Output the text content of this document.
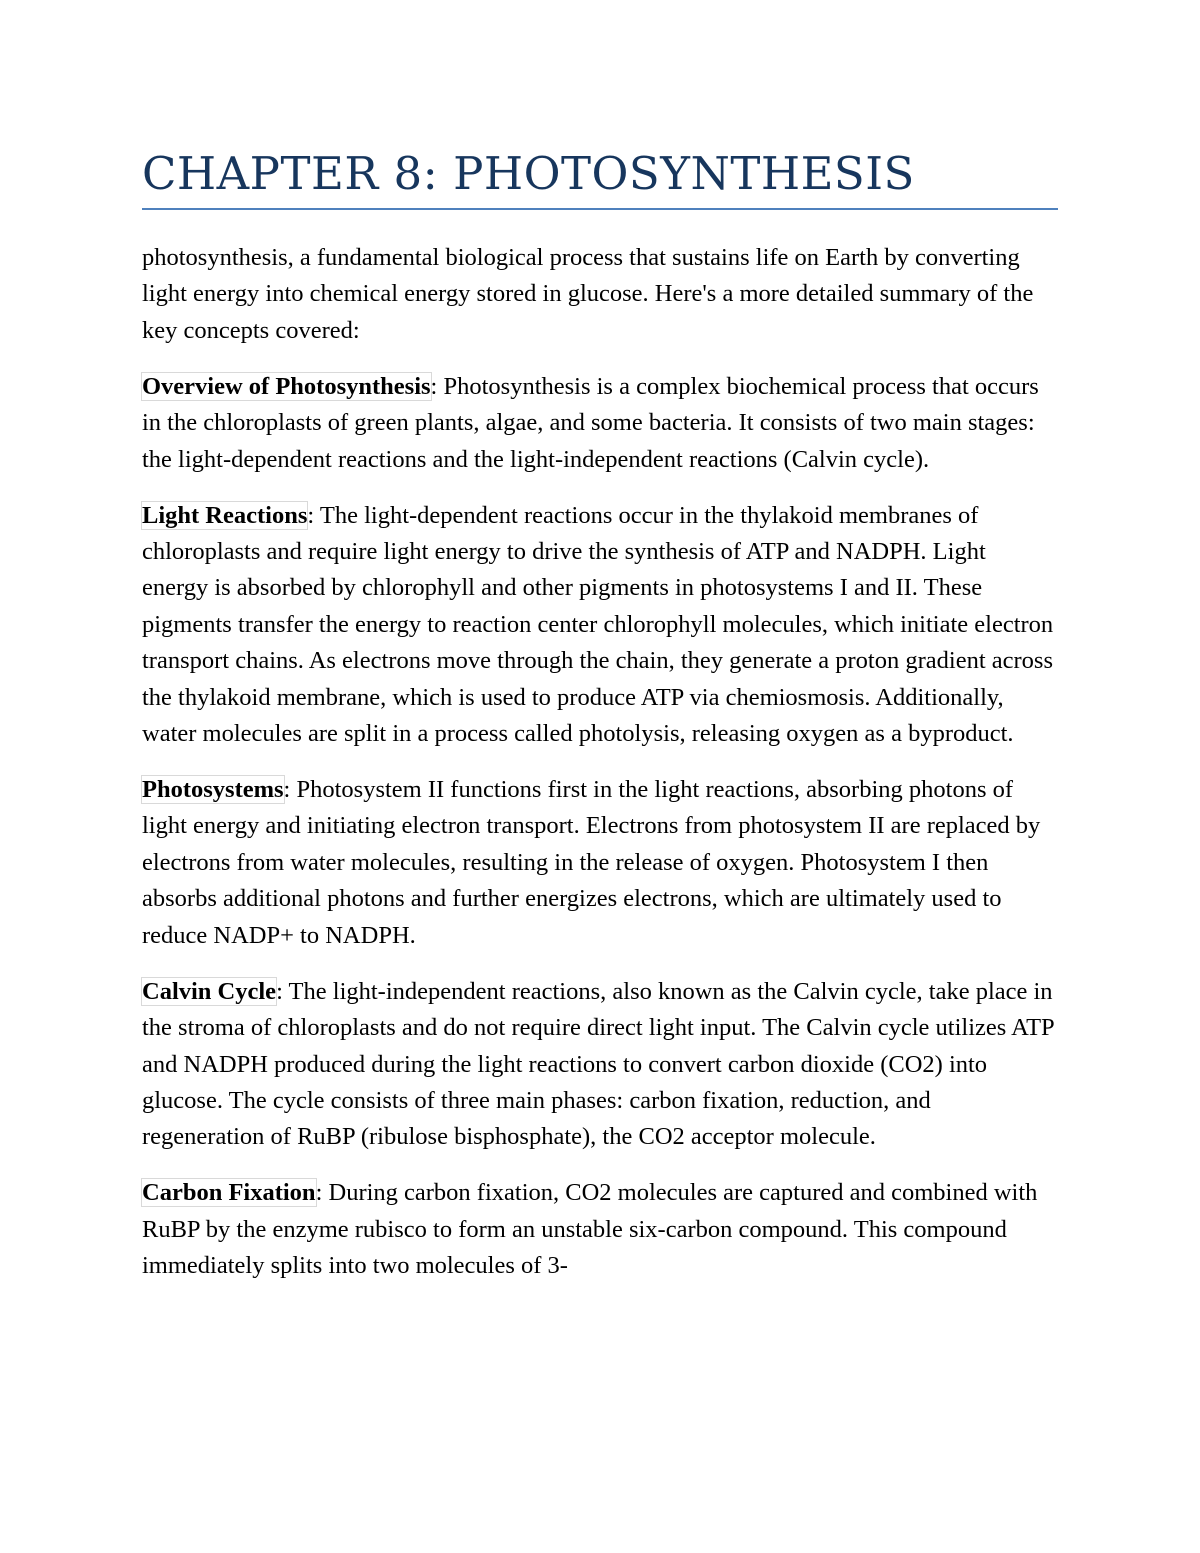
CHAPTER 8: PHOTOSYNTHESIS

photosynthesis, a fundamental biological process that sustains life on Earth by converting light energy into chemical energy stored in glucose. Here's a more detailed summary of the key concepts covered:

Overview of Photosynthesis: Photosynthesis is a complex biochemical process that occurs in the chloroplasts of green plants, algae, and some bacteria. It consists of two main stages: the light-dependent reactions and the light-independent reactions (Calvin cycle).

Light Reactions: The light-dependent reactions occur in the thylakoid membranes of chloroplasts and require light energy to drive the synthesis of ATP and NADPH. Light energy is absorbed by chlorophyll and other pigments in photosystems I and II. These pigments transfer the energy to reaction center chlorophyll molecules, which initiate electron transport chains. As electrons move through the chain, they generate a proton gradient across the thylakoid membrane, which is used to produce ATP via chemiosmosis. Additionally, water molecules are split in a process called photolysis, releasing oxygen as a byproduct.

Photosystems: Photosystem II functions first in the light reactions, absorbing photons of light energy and initiating electron transport. Electrons from photosystem II are replaced by electrons from water molecules, resulting in the release of oxygen. Photosystem I then absorbs additional photons and further energizes electrons, which are ultimately used to reduce NADP+ to NADPH.

Calvin Cycle: The light-independent reactions, also known as the Calvin cycle, take place in the stroma of chloroplasts and do not require direct light input. The Calvin cycle utilizes ATP and NADPH produced during the light reactions to convert carbon dioxide (CO2) into glucose. The cycle consists of three main phases: carbon fixation, reduction, and regeneration of RuBP (ribulose bisphosphate), the CO2 acceptor molecule.

Carbon Fixation: During carbon fixation, CO2 molecules are captured and combined with RuBP by the enzyme rubisco to form an unstable six-carbon compound. This compound immediately splits into two molecules of 3-
